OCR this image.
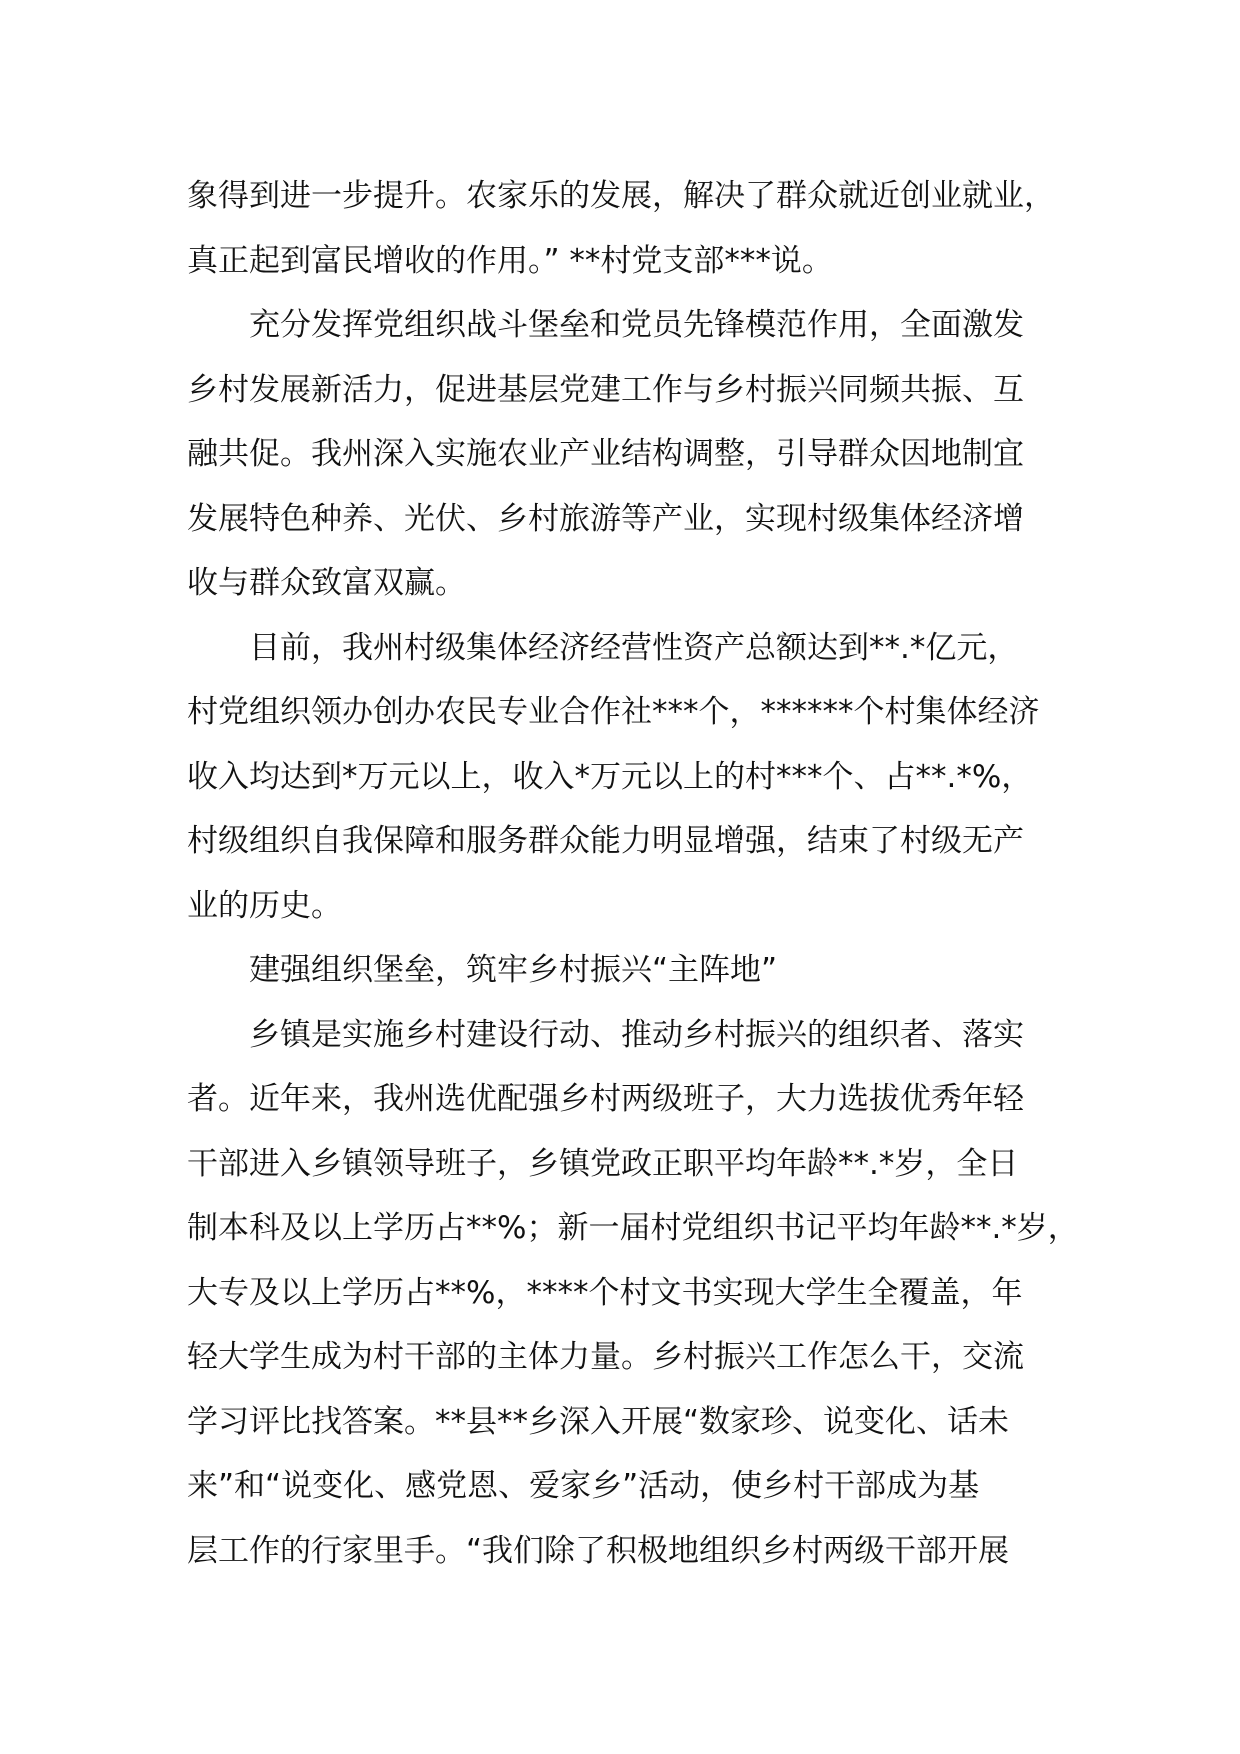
象得到进一步提升。农家乐的发展，解决了群众就近创业就业，
真正起到富民增收的作用。” **村党支部***说。
充分发挥党组织战斗堡垒和党员先锋模范作用，全面激发
乡村发展新活力，促进基层党建工作与乡村振兴同频共振、互
融共促。我州深入实施农业产业结构调整，引导群众因地制宜
发展特色种养、光伏、乡村旅游等产业，实现村级集体经济增
收与群众致富双赢。
目前，我州村级集体经济经营性资产总额达到**.*亿元，
村党组织领办创办农民专业合作社***个，******个村集体经济
收入均达到*万元以上，收入*万元以上的村***个、占**.*%，
村级组织自我保障和服务群众能力明显增强，结束了村级无产
业的历史。
建强组织堡垒，筑牢乡村振兴“主阵地”
乡镇是实施乡村建设行动、推动乡村振兴的组织者、落实
者。近年来，我州选优配强乡村两级班子，大力选拔优秀年轻
干部进入乡镇领导班子，乡镇党政正职平均年龄**.*岁，全日
制本科及以上学历占**%；新一届村党组织书记平均年龄**.*岁，
大专及以上学历占**%，****个村文书实现大学生全覆盖，年
轻大学生成为村干部的主体力量。乡村振兴工作怎么干，交流
学习评比找答案。**县**乡深入开展“数家珍、说变化、话未
来”和“说变化、感党恩、爱家乡”活动，使乡村干部成为基
层工作的行家里手。“我们除了积极地组织乡村两级干部开展
